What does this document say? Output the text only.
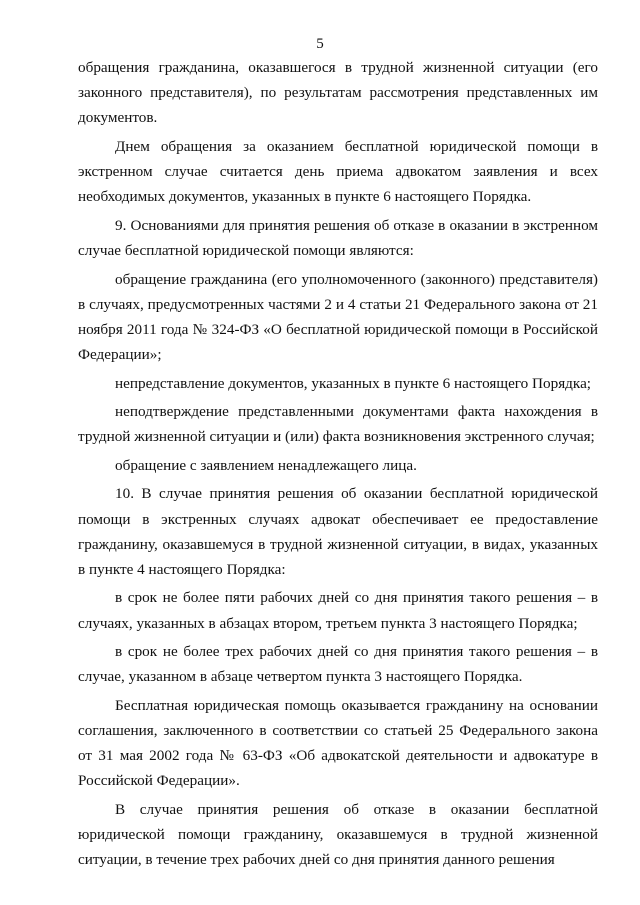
5

обращения гражданина, оказавшегося в трудной жизненной ситуации (его законного представителя), по результатам рассмотрения представленных им документов.

Днем обращения за оказанием бесплатной юридической помощи в экстренном случае считается день приема адвокатом заявления и всех необходимых документов, указанных в пункте 6 настоящего Порядка.

9. Основаниями для принятия решения об отказе в оказании в экстренном случае бесплатной юридической помощи являются:

обращение гражданина (его уполномоченного (законного) представителя) в случаях, предусмотренных частями 2 и 4 статьи 21 Федерального закона от 21 ноября 2011 года № 324-ФЗ «О бесплатной юридической помощи в Российской Федерации»;

непредставление документов, указанных в пункте 6 настоящего Порядка;

неподтверждение представленными документами факта нахождения в трудной жизненной ситуации и (или) факта возникновения экстренного случая;

обращение с заявлением ненадлежащего лица.

10. В случае принятия решения об оказании бесплатной юридической помощи в экстренных случаях адвокат обеспечивает ее предоставление гражданину, оказавшемуся в трудной жизненной ситуации, в видах, указанных в пункте 4 настоящего Порядка:

в срок не более пяти рабочих дней со дня принятия такого решения – в случаях, указанных в абзацах втором, третьем пункта 3 настоящего Порядка;

в срок не более трех рабочих дней со дня принятия такого решения – в случае, указанном в абзаце четвертом пункта 3 настоящего Порядка.

Бесплатная юридическая помощь оказывается гражданину на основании соглашения, заключенного в соответствии со статьей 25 Федерального закона от 31 мая 2002 года № 63-ФЗ «Об адвокатской деятельности и адвокатуре в Российской Федерации».

В случае принятия решения об отказе в оказании бесплатной юридической помощи гражданину, оказавшемуся в трудной жизненной ситуации, в течение трех рабочих дней со дня принятия данного решения
